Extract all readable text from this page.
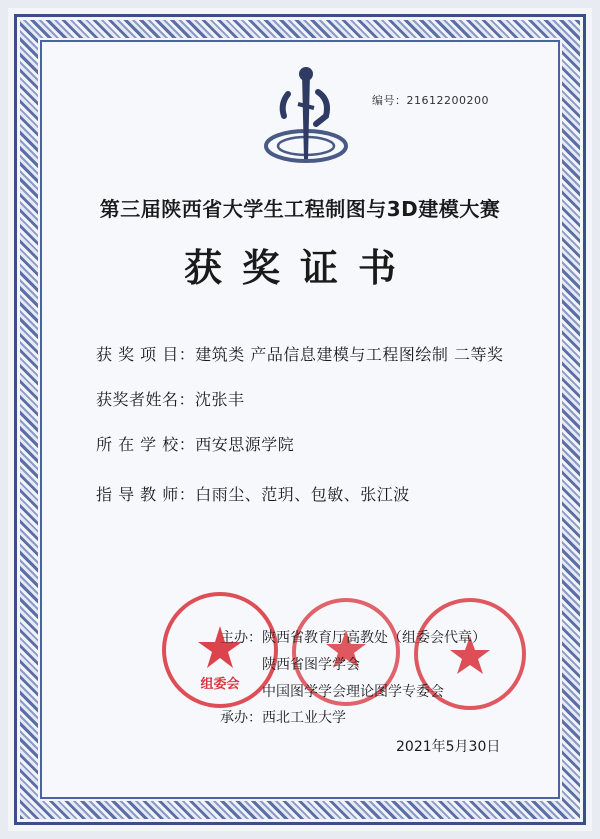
编号：21612200200
第三届陕西省大学生工程制图与3D建模大赛
获奖证书
获 奖 项 目：建筑类 产品信息建模与工程图绘制 二等奖
获奖者姓名：沈张丰
所 在 学 校：西安思源学院
指 导 教 师：白雨尘、范玥、包敏、张江波
组委会
主办：陕西省教育厅高教处（组委会代章）
陕西省图学学会
中国图学学会理论图学专委会
承办：西北工业大学
2021年5月30日
